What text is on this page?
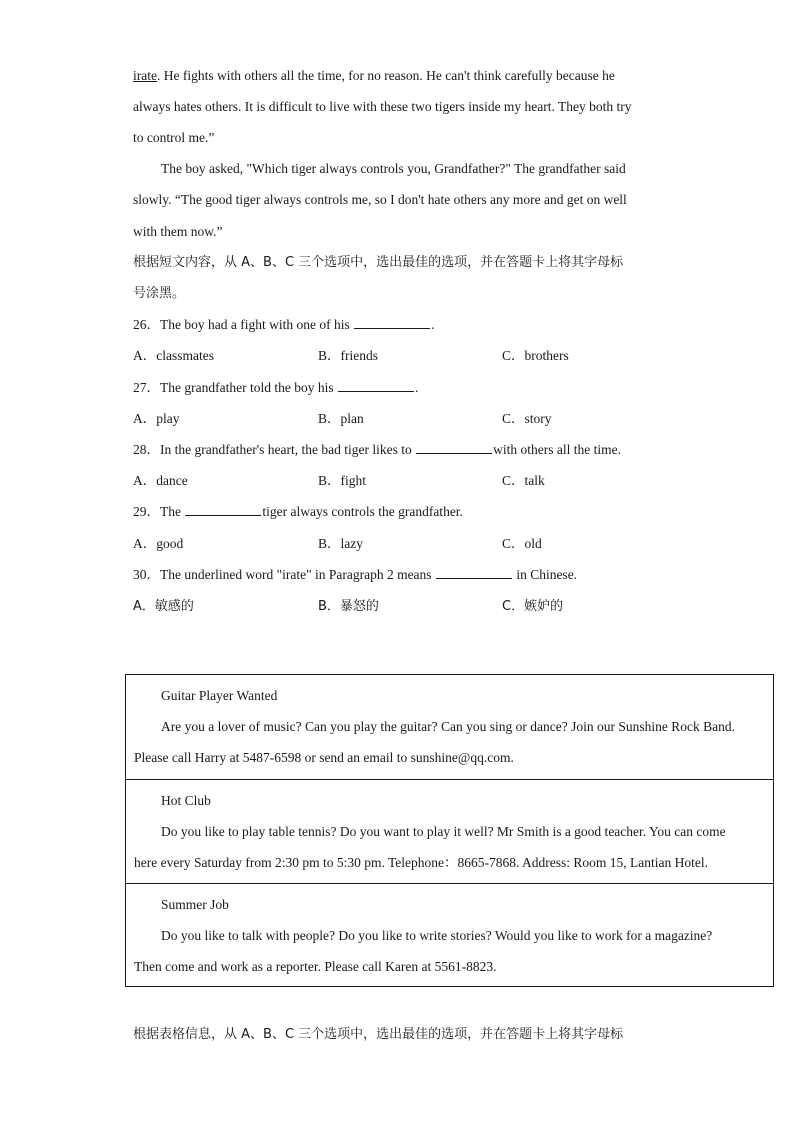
irate. He fights with others all the time, for no reason. He can't think carefully because he
always hates others. It is difficult to live with these two tigers inside my heart. They both try
to control me.”
The boy asked, "Which tiger always controls you, Grandfather?" The grandfather said
slowly. “The good tiger always controls me, so I don't hate others any more and get on well
with them now.”
根据短文内容，从 A、B、C 三个选项中，选出最佳的选项，并在答题卡上将其字母标
号涂黑。
26．The boy had a fight with one of his	.
A．classmates	B．friends	C．brothers
27．The grandfather told the boy his	.
A．play	B．plan	C．story
28．In the grandfather's heart, the bad tiger likes to	with others all the time.
A．dance	B．fight	C．talk
29．The	tiger always controls the grandfather.
A．good	B．lazy	C．old
30．The underlined word "irate" in Paragraph 2 means	in Chinese.
A．敏感的	B．暴怒的	C．嫉妒的
Guitar Player Wanted
Are you a lover of music? Can you play the guitar? Can you sing or dance? Join our Sunshine Rock Band.
Please call Harry at 5487-6598 or send an email to sunshine@qq.com.
Hot Club
Do you like to play table tennis? Do you want to play it well? Mr Smith is a good teacher. You can come
here every Saturday from 2:30 pm to 5:30 pm. Telephone：8665-7868. Address: Room 15, Lantian Hotel.
Summer Job
Do you like to talk with people? Do you like to write stories? Would you like to work for a magazine?
Then come and work as a reporter. Please call Karen at 5561-8823.
根据表格信息，从 A、B、C 三个选项中，选出最佳的选项，并在答题卡上将其字母标
